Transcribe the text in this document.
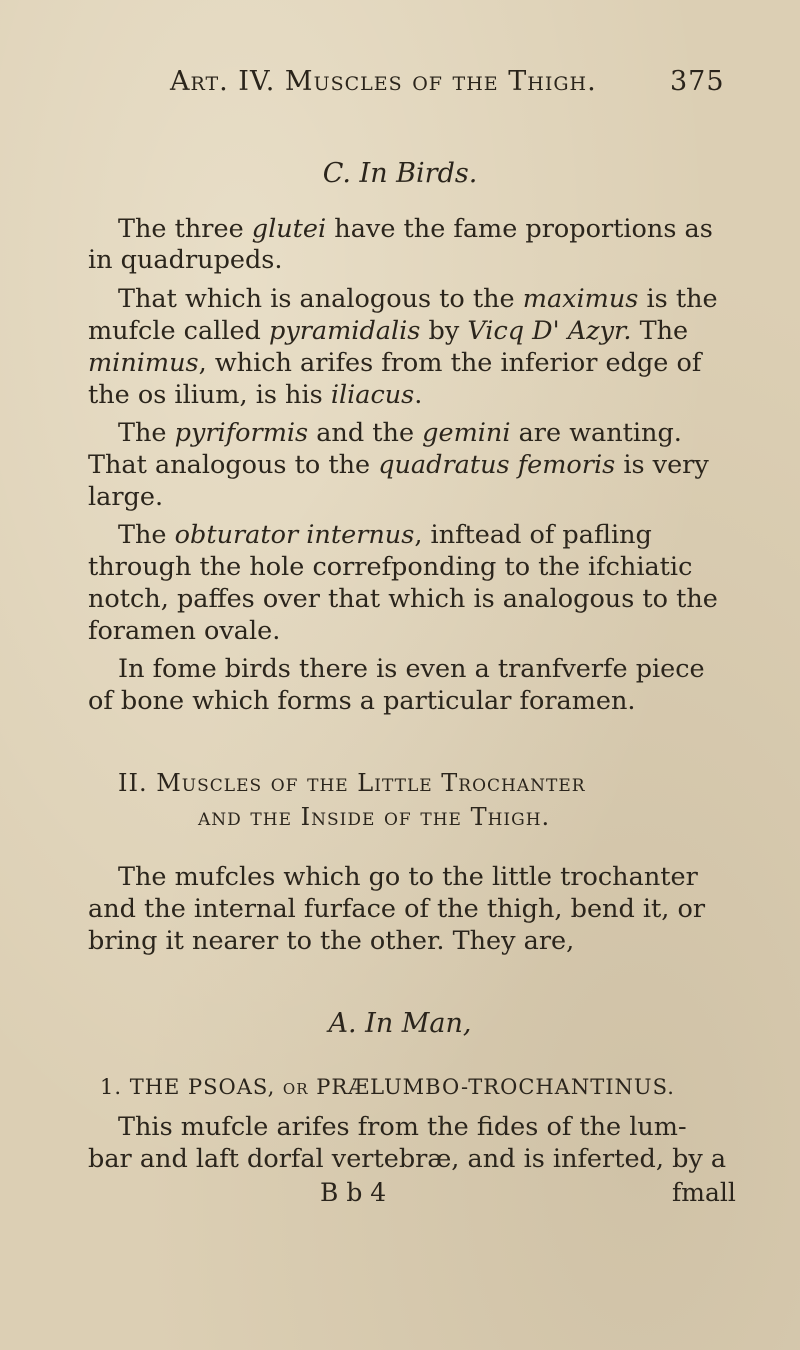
Art. IV. Muscles of the Thigh.	375
C. In Birds.
The three glutei have the fame proportions as
in quadrupeds.
That which is analogous to the maximus is the
mufcle called pyramidalis by Vicq D' Azyr. The
minimus, which arifes from the inferior edge of
the os ilium, is his iliacus.
The pyriformis and the gemini are wanting.
That analogous to the quadratus femoris is very
large.
The obturator internus, inftead of pafling
through the hole correfponding to the ifchiatic
notch, paffes over that which is analogous to the
foramen ovale.
In fome birds there is even a tranfverfe piece
of bone which forms a particular foramen.
II. Muscles of the Little Trochanter
and the Inside of the Thigh.
The mufcles which go to the little trochanter
and the internal furface of the thigh, bend it, or
bring it nearer to the other. They are,
A. In Man,
1. THE PSOAS, or PRÆLUMBO-TROCHANTINUS.
This mufcle arifes from the fides of the lum-
bar and laft dorfal vertebræ, and is inferted, by a
B b 4	fmall
